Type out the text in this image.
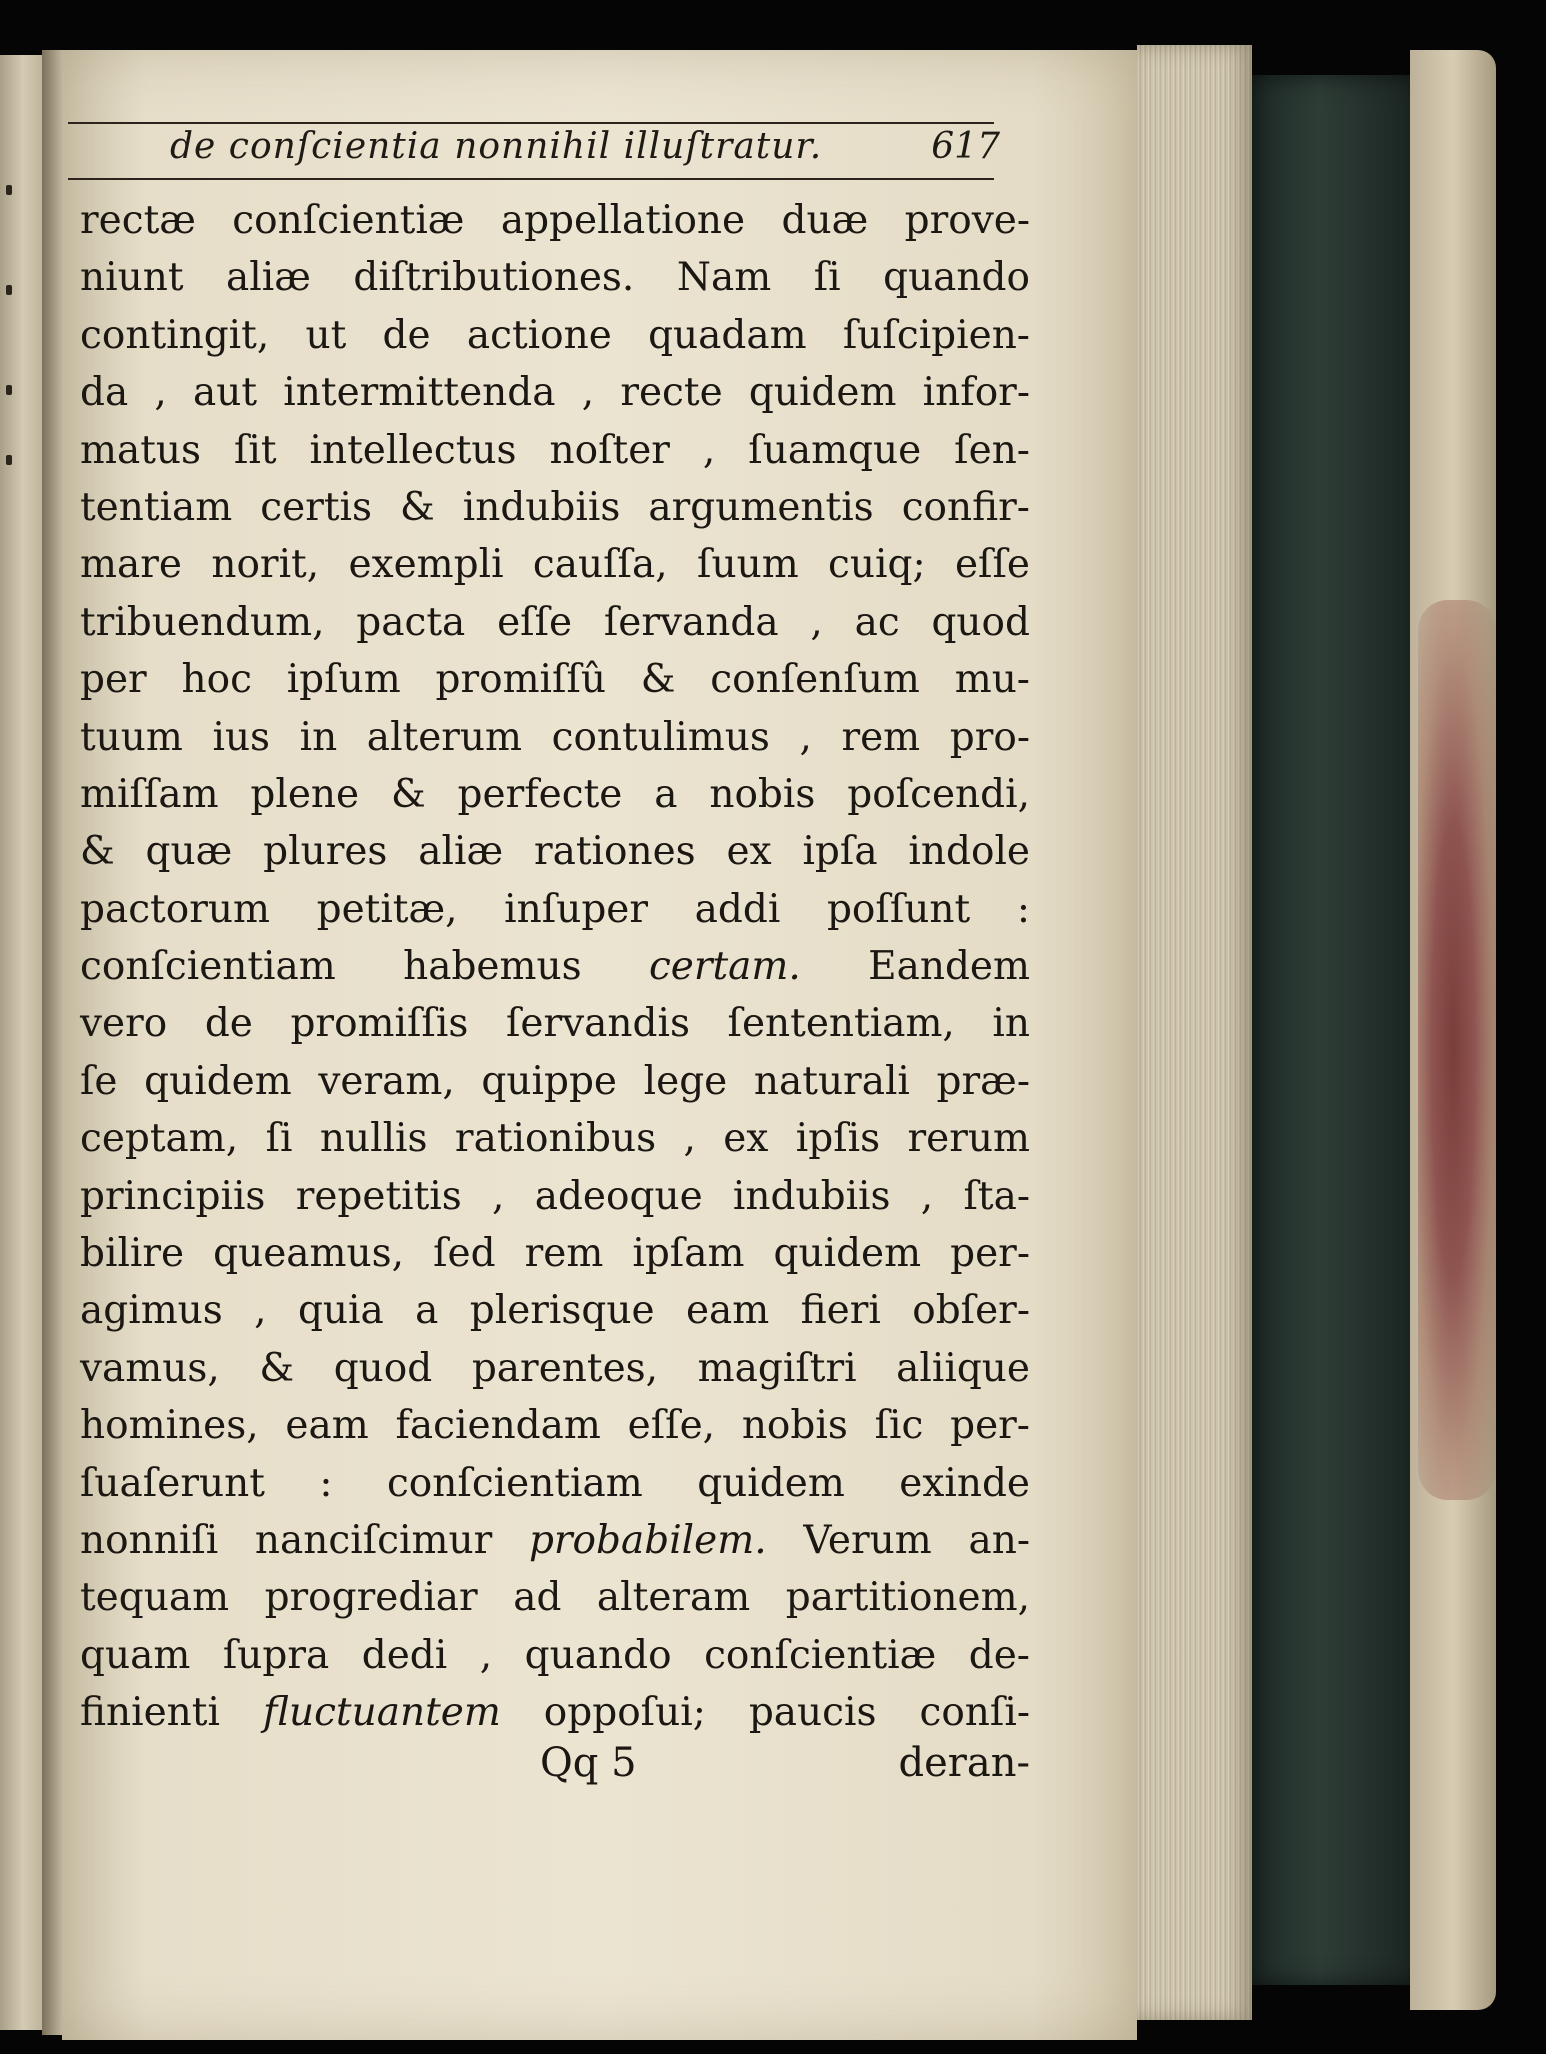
de conſcientia nonnihil illuſtratur.	617
rectæ conſcientiæ appellatione duæ prove-
niunt aliæ diſtributiones. Nam ſi quando
contingit, ut de actione quadam ſuſcipien-
da , aut intermittenda , recte quidem infor-
matus ſit intellectus noſter , ſuamque ſen-
tentiam certis & indubiis argumentis confir-
mare norit, exempli cauſſa, ſuum cuiq; eſſe
tribuendum, pacta eſſe ſervanda , ac quod
per hoc ipſum promiſſû & conſenſum mu-
tuum ius in alterum contulimus , rem pro-
miſſam plene & perfecte a nobis poſcendi,
& quæ plures aliæ rationes ex ipſa indole
pactorum petitæ, inſuper addi poſſunt :
conſcientiam habemus certam. Eandem
vero de promiſſis ſervandis ſententiam, in
ſe quidem veram, quippe lege naturali præ-
ceptam, ſi nullis rationibus , ex ipſis rerum
principiis repetitis , adeoque indubiis , ſta-
bilire queamus, ſed rem ipſam quidem per-
agimus , quia a plerisque eam fieri obſer-
vamus, & quod parentes, magiſtri aliique
homines, eam faciendam eſſe, nobis ſic per-
ſuaſerunt : conſcientiam quidem exinde
nonniſi nanciſcimur probabilem. Verum an-
tequam progrediar ad alteram partitionem,
quam ſupra dedi , quando conſcientiæ de-
finienti fluctuantem oppoſui; paucis conſi-
Qq 5	deran-
